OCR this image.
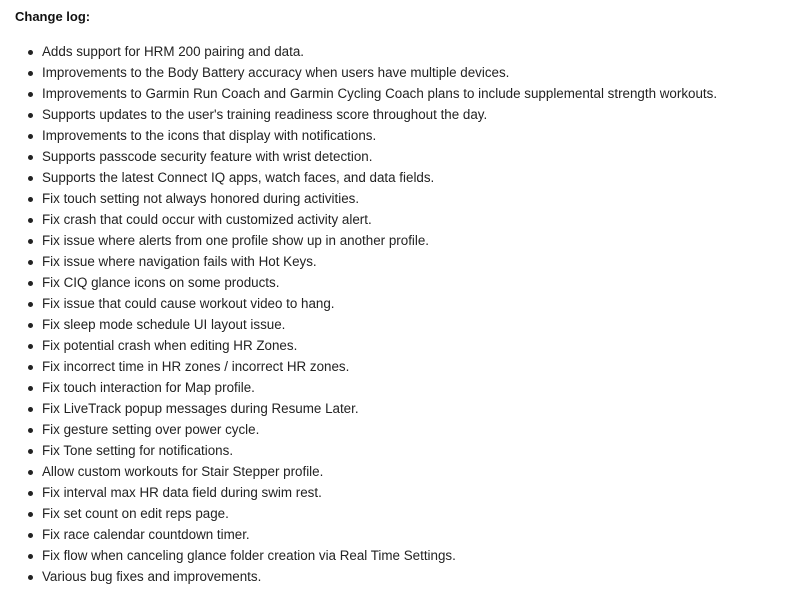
Change log:
Adds support for HRM 200 pairing and data.
Improvements to the Body Battery accuracy when users have multiple devices.
Improvements to Garmin Run Coach and Garmin Cycling Coach plans to include supplemental strength workouts.
Supports updates to the user's training readiness score throughout the day.
Improvements to the icons that display with notifications.
Supports passcode security feature with wrist detection.
Supports the latest Connect IQ apps, watch faces, and data fields.
Fix touch setting not always honored during activities.
Fix crash that could occur with customized activity alert.
Fix issue where alerts from one profile show up in another profile.
Fix issue where navigation fails with Hot Keys.
Fix CIQ glance icons on some products.
Fix issue that could cause workout video to hang.
Fix sleep mode schedule UI layout issue.
Fix potential crash when editing HR Zones.
Fix incorrect time in HR zones / incorrect HR zones.
Fix touch interaction for Map profile.
Fix LiveTrack popup messages during Resume Later.
Fix gesture setting over power cycle.
Fix Tone setting for notifications.
Allow custom workouts for Stair Stepper profile.
Fix interval max HR data field during swim rest.
Fix set count on edit reps page.
Fix race calendar countdown timer.
Fix flow when canceling glance folder creation via Real Time Settings.
Various bug fixes and improvements.
